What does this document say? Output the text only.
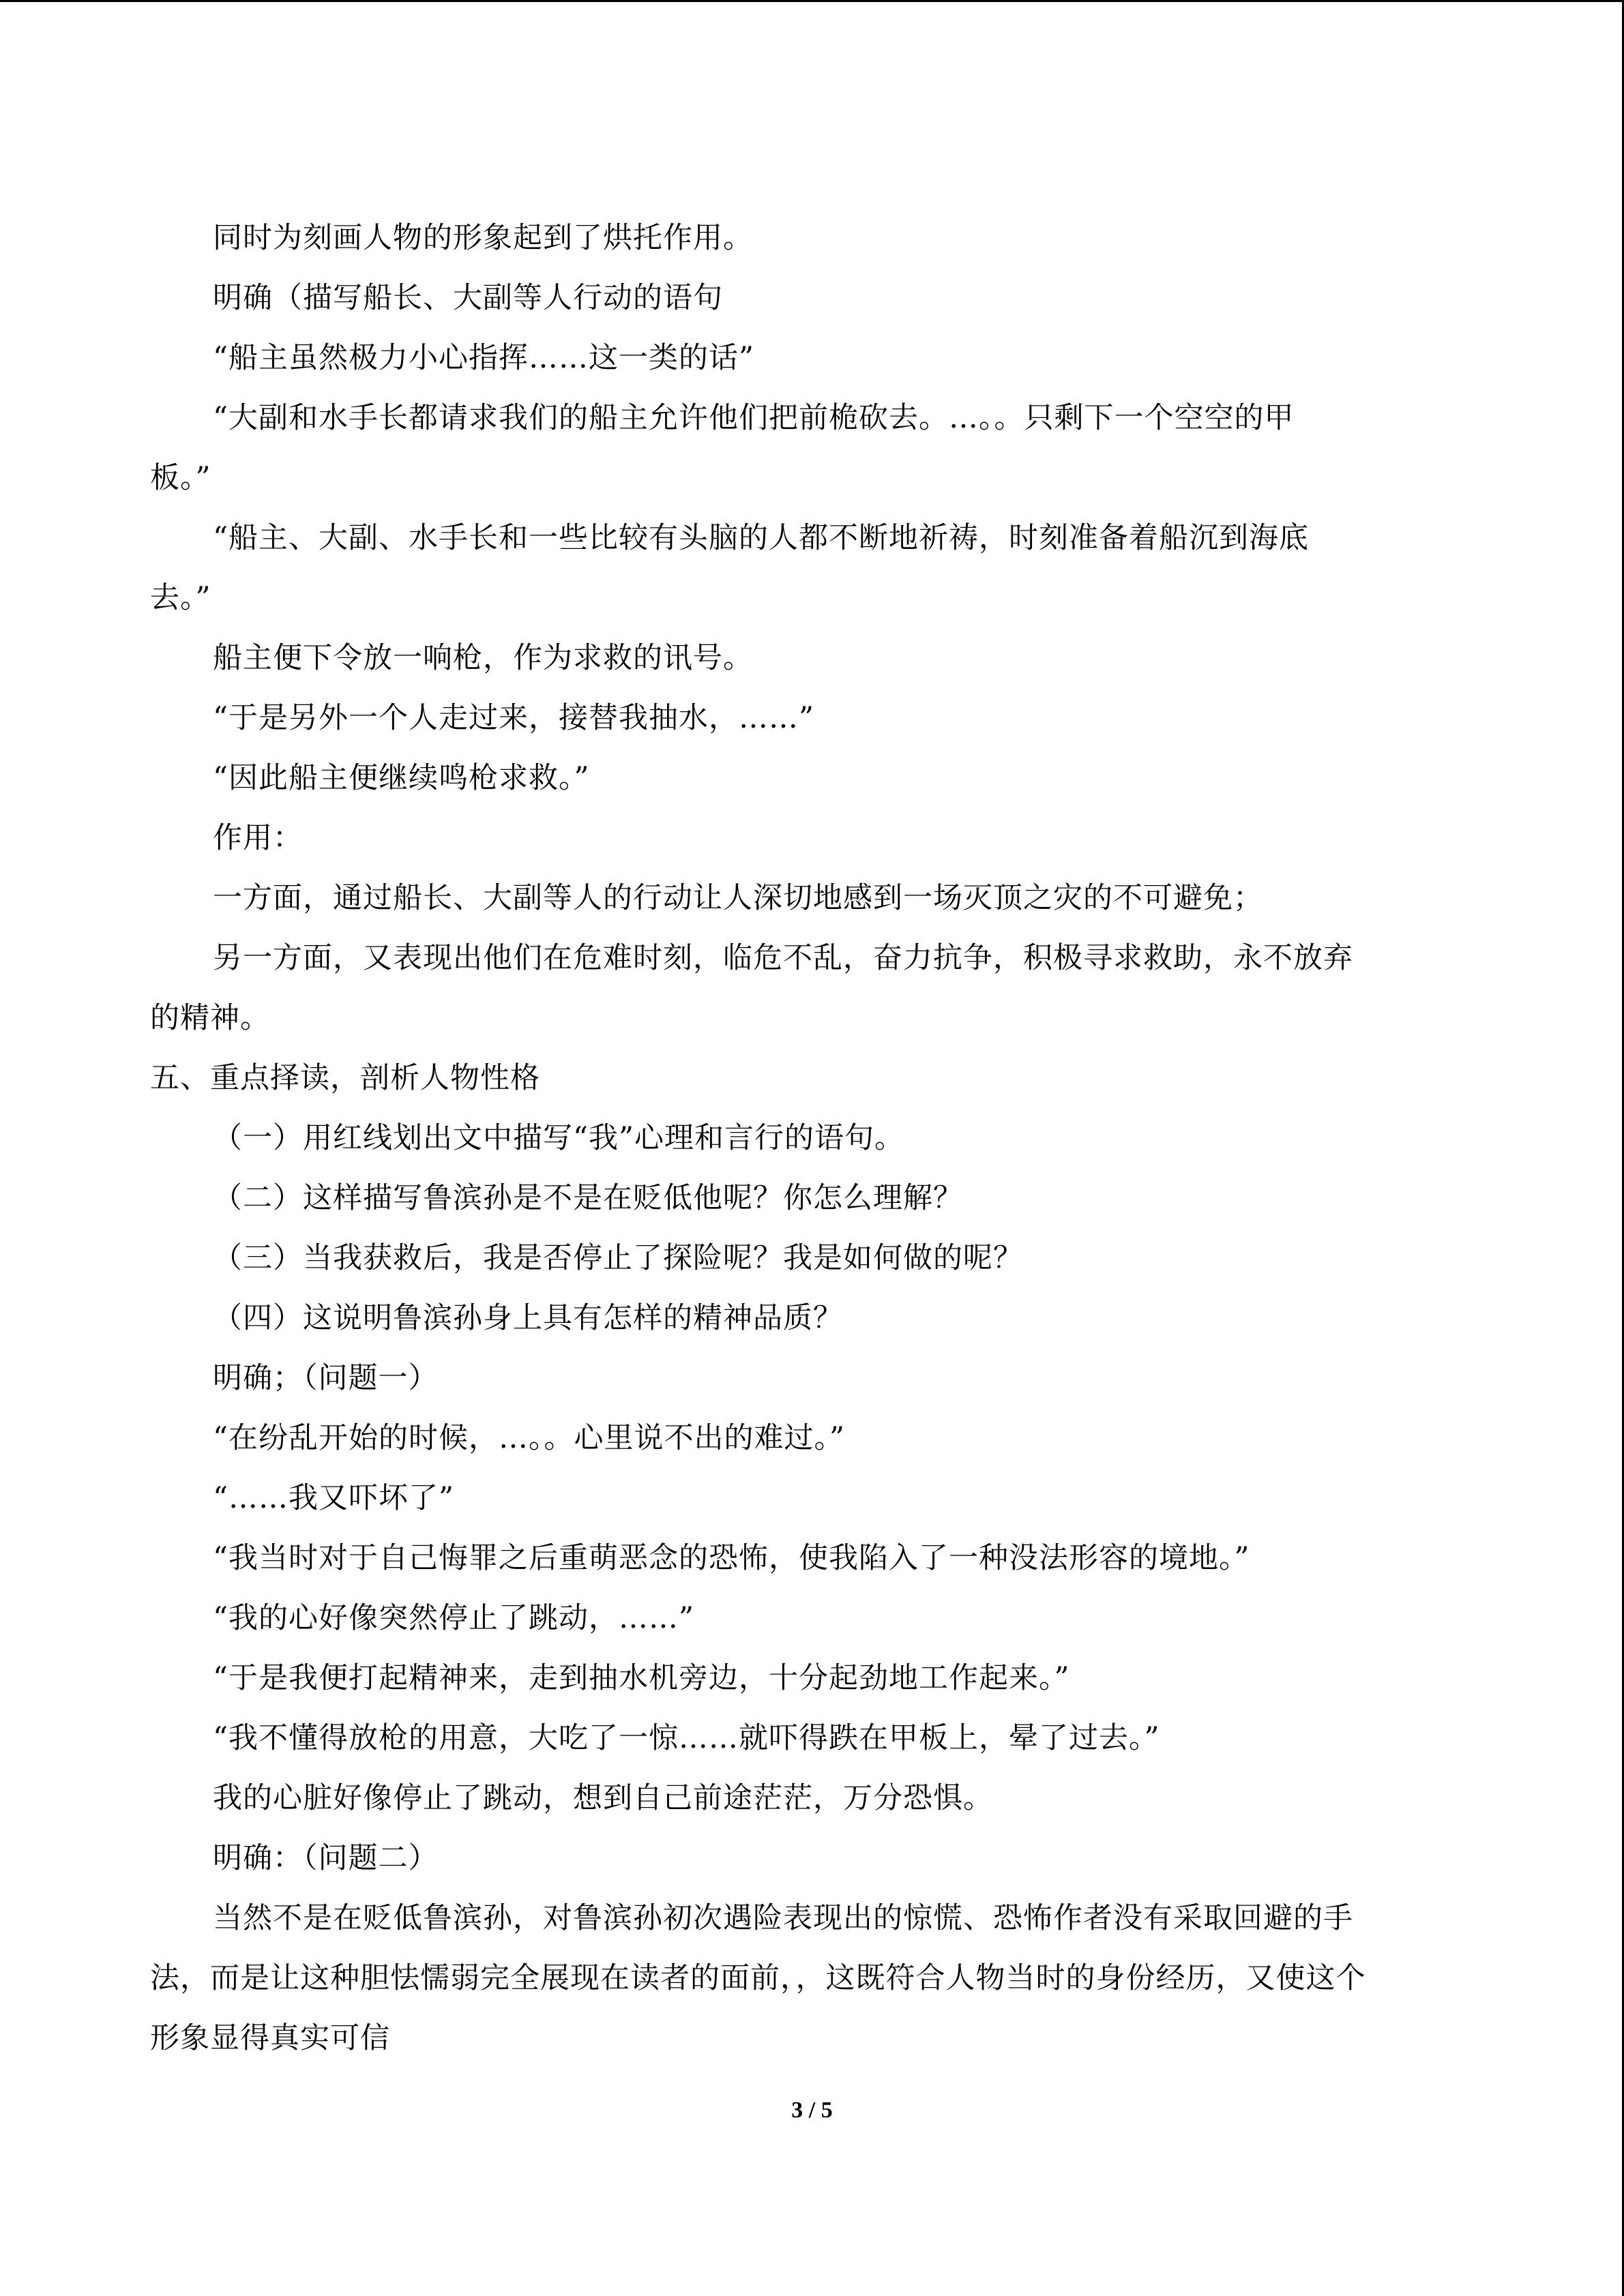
同时为刻画人物的形象起到了烘托作用。
明确（描写船长、大副等人行动的语句
“船主虽然极力小心指挥……这一类的话”
“大副和水手长都请求我们的船主允许他们把前桅砍去。…。。只剩下一个空空的甲
板。”
“船主、大副、水手长和一些比较有头脑的人都不断地祈祷，时刻准备着船沉到海底
去。”
船主便下令放一响枪，作为求救的讯号。
“于是另外一个人走过来，接替我抽水，……”
“因此船主便继续鸣枪求救。”
作用：
一方面，通过船长、大副等人的行动让人深切地感到一场灭顶之灾的不可避免；
另一方面，又表现出他们在危难时刻，临危不乱，奋力抗争，积极寻求救助，永不放弃
的精神。
五、重点择读，剖析人物性格
（一）用红线划出文中描写“我”心理和言行的语句。
（二）这样描写鲁滨孙是不是在贬低他呢？你怎么理解？
（三）当我获救后，我是否停止了探险呢？我是如何做的呢？
（四）这说明鲁滨孙身上具有怎样的精神品质？
明确；（问题一）
“在纷乱开始的时候，…。。心里说不出的难过。”
“……我又吓坏了”
“我当时对于自己悔罪之后重萌恶念的恐怖，使我陷入了一种没法形容的境地。”
“我的心好像突然停止了跳动，……”
“于是我便打起精神来，走到抽水机旁边，十分起劲地工作起来。”
“我不懂得放枪的用意，大吃了一惊……就吓得跌在甲板上，晕了过去。”
我的心脏好像停止了跳动，想到自己前途茫茫，万分恐惧。
明确：（问题二）
当然不是在贬低鲁滨孙，对鲁滨孙初次遇险表现出的惊慌、恐怖作者没有采取回避的手
法，而是让这种胆怯懦弱完全展现在读者的面前，，这既符合人物当时的身份经历，又使这个
形象显得真实可信
3 / 5
